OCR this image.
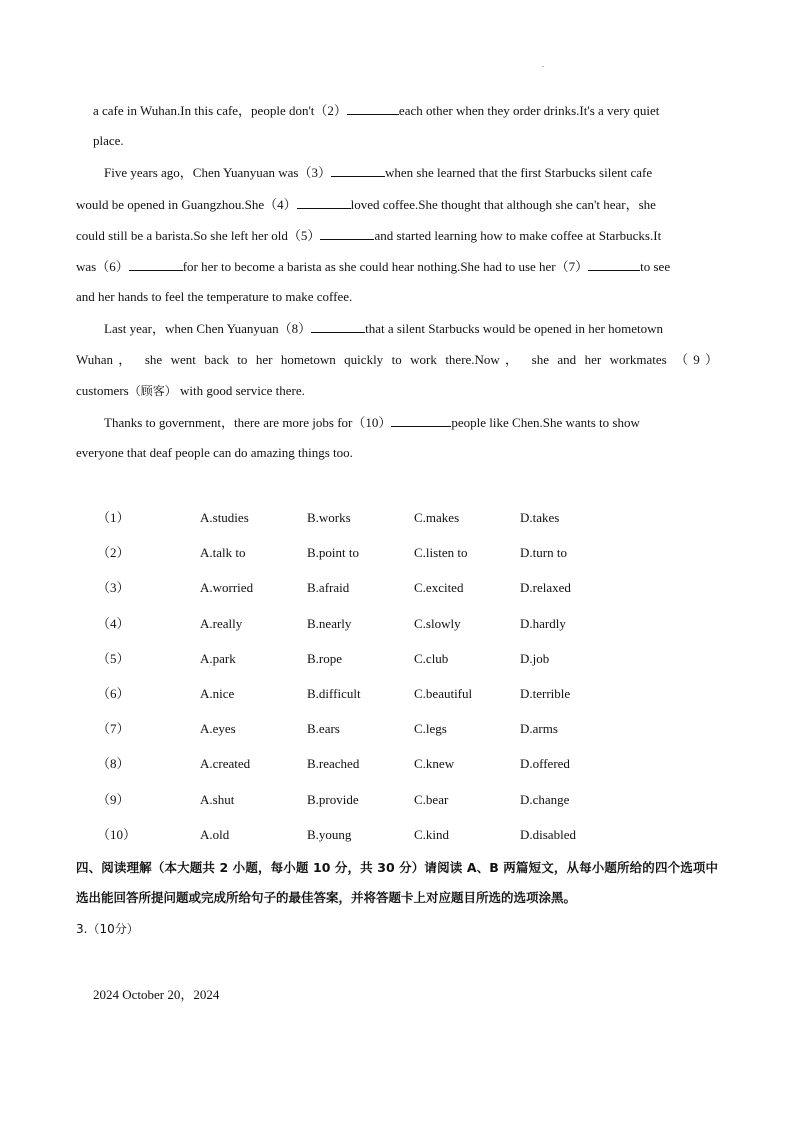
.
a cafe in Wuhan.In this cafe，people don't（2）	each other when they order drinks.It's a very quiet
place.
Five years ago，Chen Yuanyuan was（3）	when she learned that the first Starbucks silent cafe
would be opened in Guangzhou.She（4）	loved coffee.She thought that although she can't hear，she
could still be a barista.So she left her old（5）	and started learning how to make coffee at Starbucks.It
was（6）	for her to become a barista as she could hear nothing.She had to use her（7）	to see
and her hands to feel the temperature to make coffee.
Last year，when Chen Yuanyuan（8）	that a silent Starbucks would be opened in her hometown
Wuhan， she went back to her hometown quickly to work there.Now， she and her workmates （9）
customers（顾客） with good service there.
Thanks to government，there are more jobs for（10）	people like Chen.She wants to show
everyone that deaf people can do amazing things too.
（1）	A.studies	B.works	C.makes	D.takes
（2）	A.talk to	B.point to	C.listen to	D.turn to
（3）	A.worried	B.afraid	C.excited	D.relaxed
（4）	A.really	B.nearly	C.slowly	D.hardly
（5）	A.park	B.rope	C.club	D.job
（6）	A.nice	B.difficult	C.beautiful	D.terrible
（7）	A.eyes	B.ears	C.legs	D.arms
（8）	A.created	B.reached	C.knew	D.offered
（9）	A.shut	B.provide	C.bear	D.change
（10）	A.old	B.young	C.kind	D.disabled
四、阅读理解（本大题共 2 小题，每小题 10 分，共 30 分）请阅读 A、B 两篇短文，从每小题所给的四个选项中选出能回答所提问题或完成所给句子的最佳答案，并将答题卡上对应题目所选的选项涂黑。
3.（10分）
2024 October 20，2024
